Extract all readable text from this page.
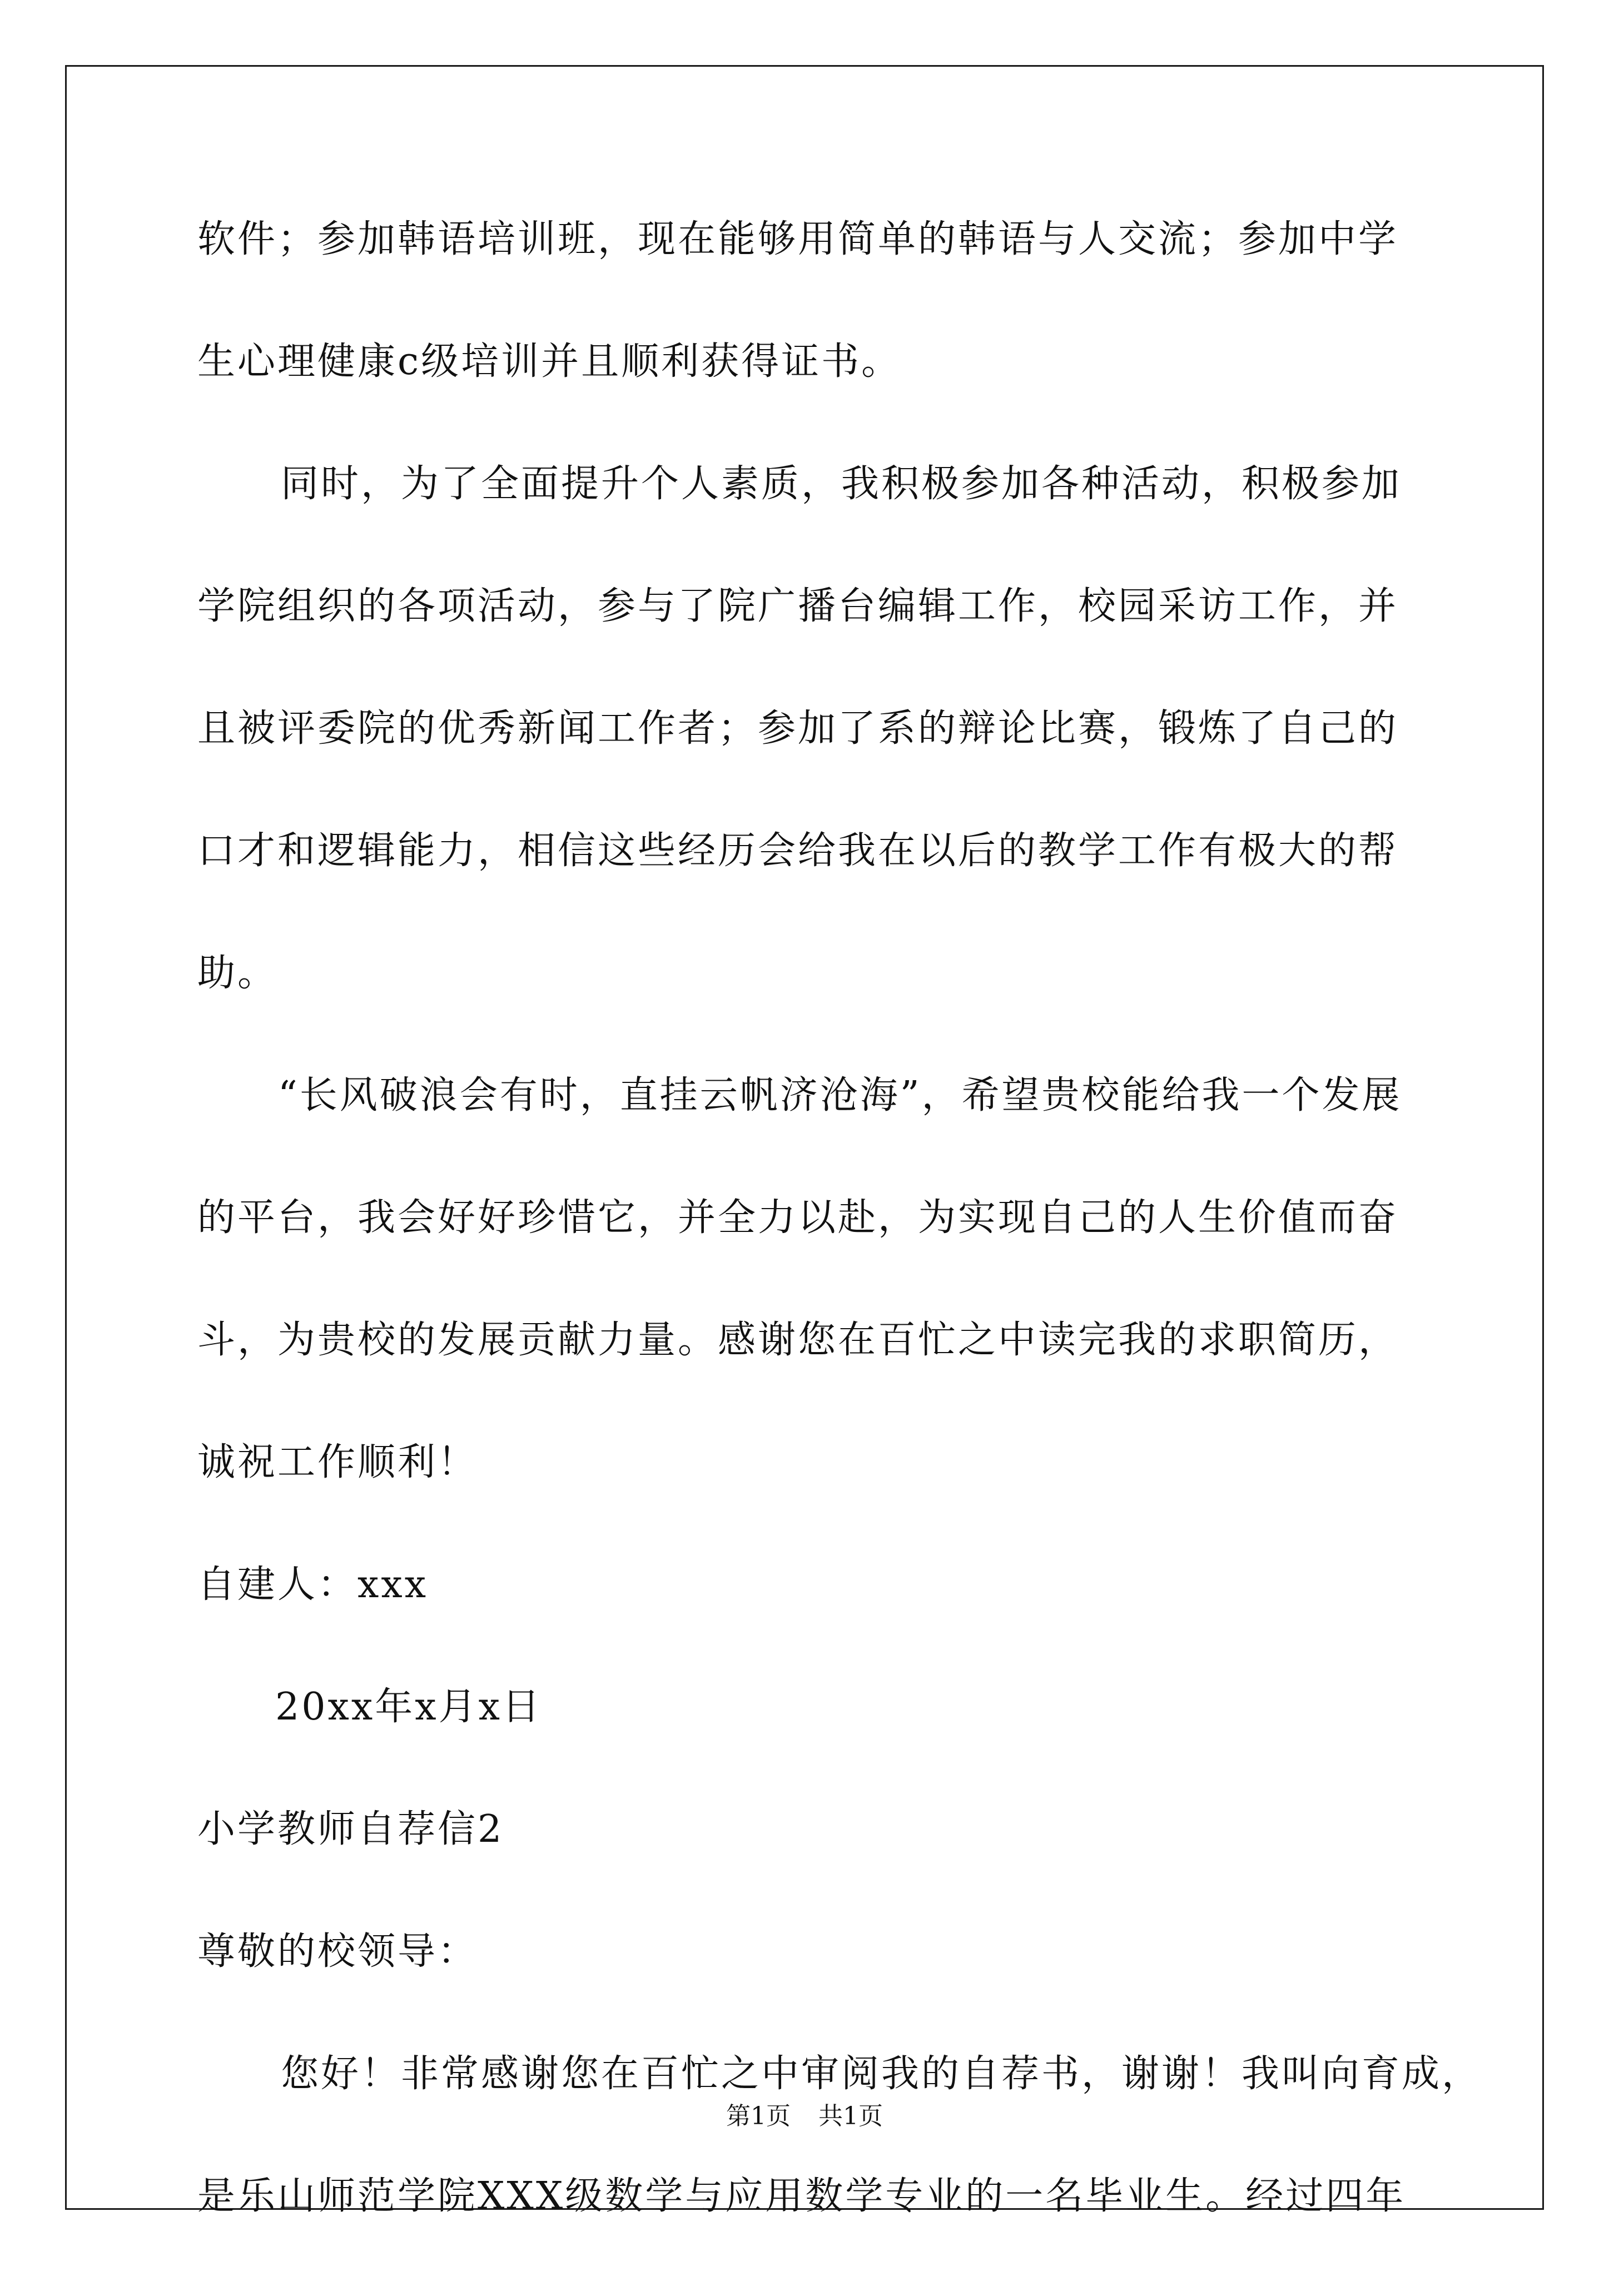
软件；参加韩语培训班，现在能够用简单的韩语与人交流；参加中学
生心理健康c级培训并且顺利获得证书。
同时，为了全面提升个人素质，我积极参加各种活动，积极参加
学院组织的各项活动，参与了院广播台编辑工作，校园采访工作，并
且被评委院的优秀新闻工作者；参加了系的辩论比赛，锻炼了自己的
口才和逻辑能力，相信这些经历会给我在以后的教学工作有极大的帮
助。
“长风破浪会有时，直挂云帆济沧海”，希望贵校能给我一个发展
的平台，我会好好珍惜它，并全力以赴，为实现自己的人生价值而奋
斗，为贵校的发展贡献力量。感谢您在百忙之中读完我的求职简历，
诚祝工作顺利！
自建人：xxx
20xx年x月x日
小学教师自荐信2
尊敬的校领导：
您好！非常感谢您在百忙之中审阅我的自荐书，谢谢！我叫向育成，
是乐山师范学院XXX级数学与应用数学专业的一名毕业生。经过四年
第1页 共1页
